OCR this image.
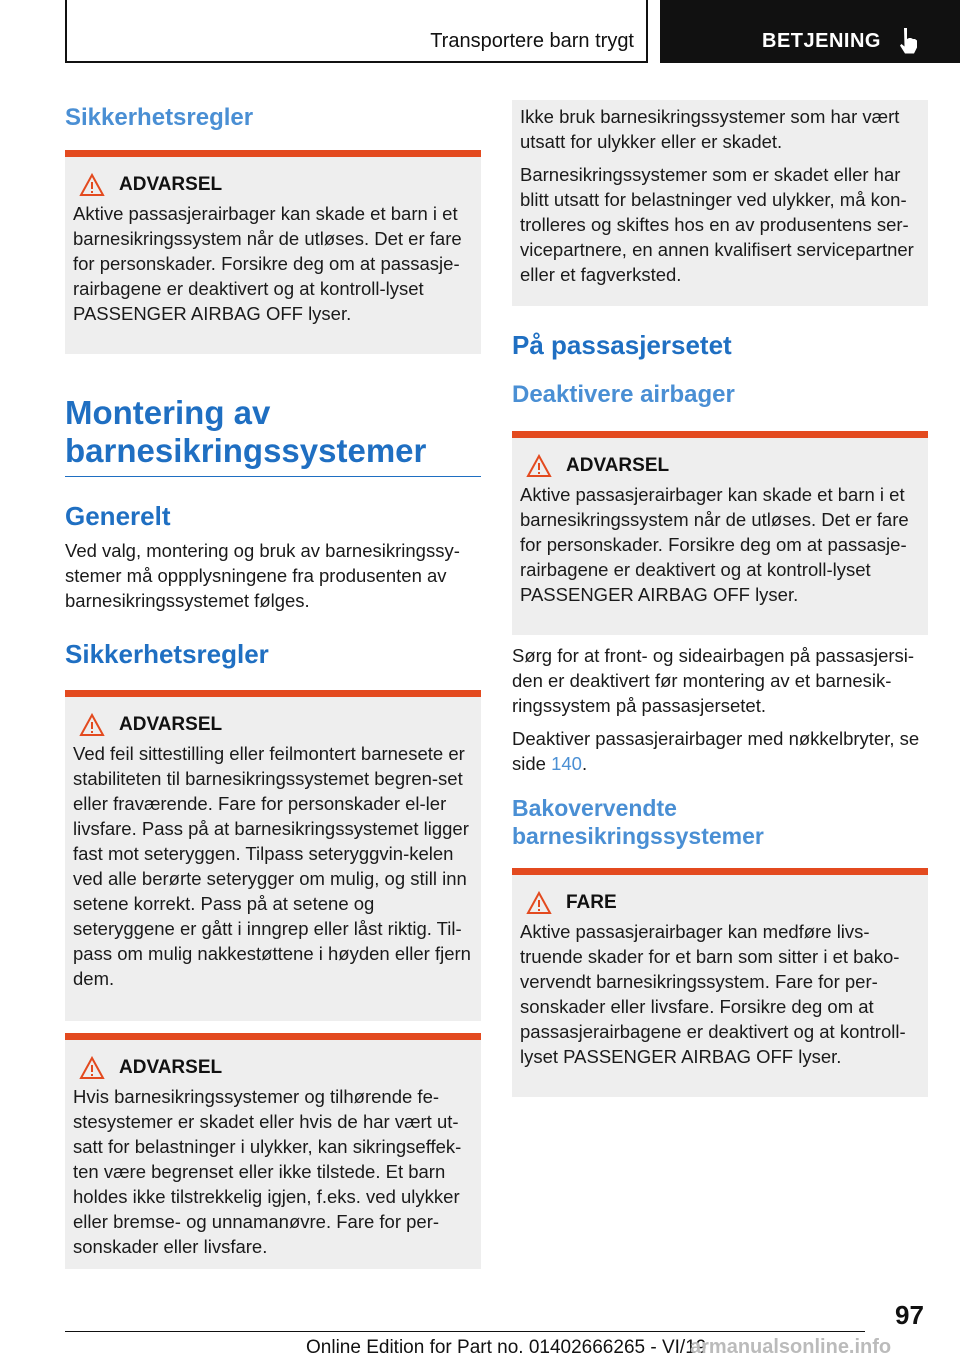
Transportere barn trygt	BETJENING
Sikkerhetsregler
ADVARSEL

Aktive passasjerairbager kan skade et barn i et barnesikringssystem når de utløses. Det er fare for personskader. Forsikre deg om at passasje-rairbagene er deaktivert og at kontroll-lyset PASSENGER AIRBAG OFF lyser.

Montering av barnesikringssystemer
Generelt

Ved valg, montering og bruk av barnesikringssy-stemer må oppplysningene fra produsenten av barnesikringssystemet følges.

Sikkerhetsregler
ADVARSEL

Ved feil sittestilling eller feilmontert barnesete er stabiliteten til barnesikringssystemet begren-set eller fraværende. Fare for personskader el-ler livsfare. Pass på at barnesikringssystemet ligger fast mot seteryggen. Tilpass seteryggvin-kelen ved alle berørte seterygger om mulig, og still inn setene korrekt. Pass på at setene og seteryggene er gått i inngrep eller låst riktig. Til-pass om mulig nakkestøttene i høyden eller fjern dem.

ADVARSEL

Hvis barnesikringssystemer og tilhørende fe-stesystemer er skadet eller hvis de har vært ut-satt for belastninger i ulykker, kan sikringseffek-ten være begrenset eller ikke tilstede. Et barn holdes ikke tilstrekkelig igjen, f.eks. ved ulykker eller bremse- og unnamanøvre. Fare for per-sonskader eller livsfare.

Ikke bruk barnesikringssystemer som har vært utsatt for ulykker eller er skadet.

Barnesikringssystemer som er skadet eller har blitt utsatt for belastninger ved ulykker, må kon-trolleres og skiftes hos en av produsentens ser-vicepartnere, en annen kvalifisert servicepartner eller et fagverksted.

På passasjersetet
Deaktivere airbager
ADVARSEL

Aktive passasjerairbager kan skade et barn i et barnesikringssystem når de utløses. Det er fare for personskader. Forsikre deg om at passasje-rairbagene er deaktivert og at kontroll-lyset PASSENGER AIRBAG OFF lyser.

Sørg for at front- og sideairbagen på passasjersi-den er deaktivert før montering av et barnesik-ringssystem på passasjersetet.

Deaktiver passasjerairbager med nøkkelbryter, se side 140.

Bakovervendte barnesikringssystemer
FARE

Aktive passasjerairbager kan medføre livs-truende skader for et barn som sitter i et bako-vervendt barnesikringssystem. Fare for per-sonskader eller livsfare. Forsikre deg om at passasjerairbagene er deaktivert og at kontroll-lyset PASSENGER AIRBAG OFF lyser.

97
Online Edition for Part no. 01402666265 - VI/19
armanualsonline.info
